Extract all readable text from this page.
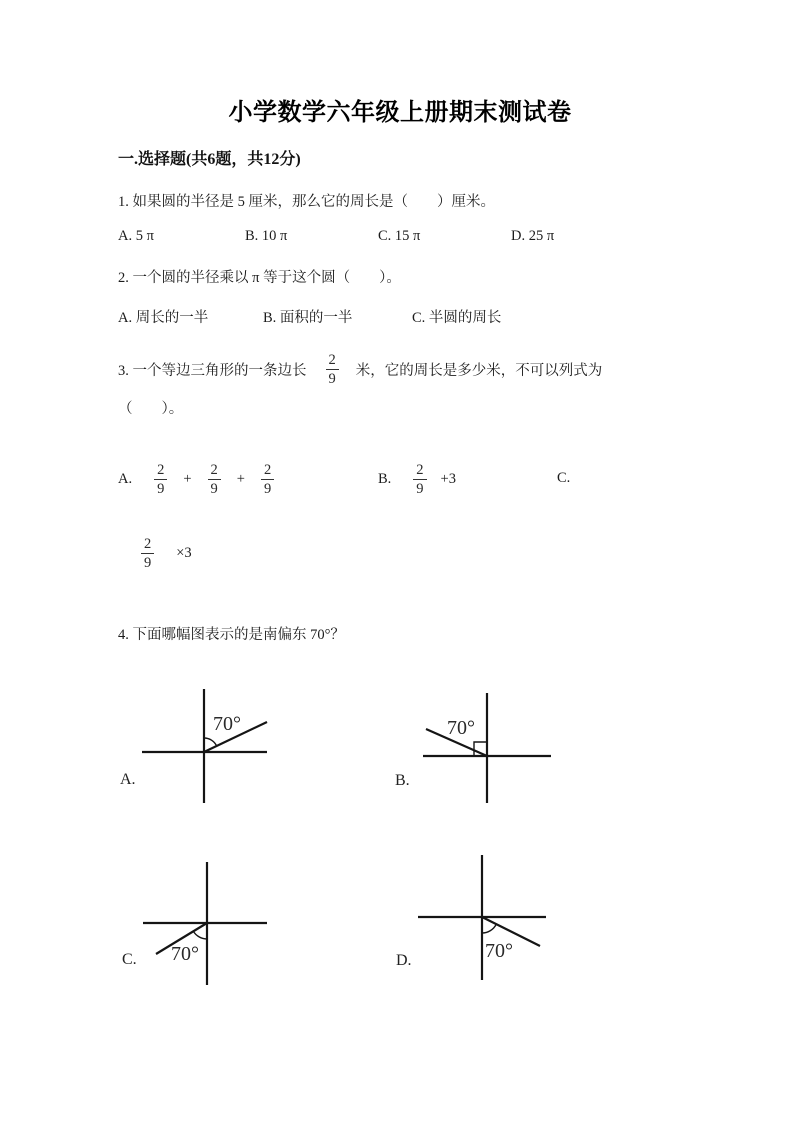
小学数学六年级上册期末测试卷
一.选择题(共6题，共12分)
1. 如果圆的半径是 5 厘米，那么它的周长是（　　）厘米。
A. 5 π	B. 10 π	C. 15 π	D. 25 π
2. 一个圆的半径乘以 π 等于这个圆（　　）。
A. 周长的一半	B. 面积的一半	C. 半圆的周长
3. 一个等边三角形的一条边长 $\frac{2}{9}$ 米，它的周长是多少米，不可以列式为
（　　）。
A. $\frac{2}{9} + \frac{2}{9} + \frac{2}{9}$	B. $\frac{2}{9} +3$	C.
$\frac{2}{9} \times 3$
4. 下面哪幅图表示的是南偏东 70°？
70°
A.
70°
B.
70°
C.	70°
D.
